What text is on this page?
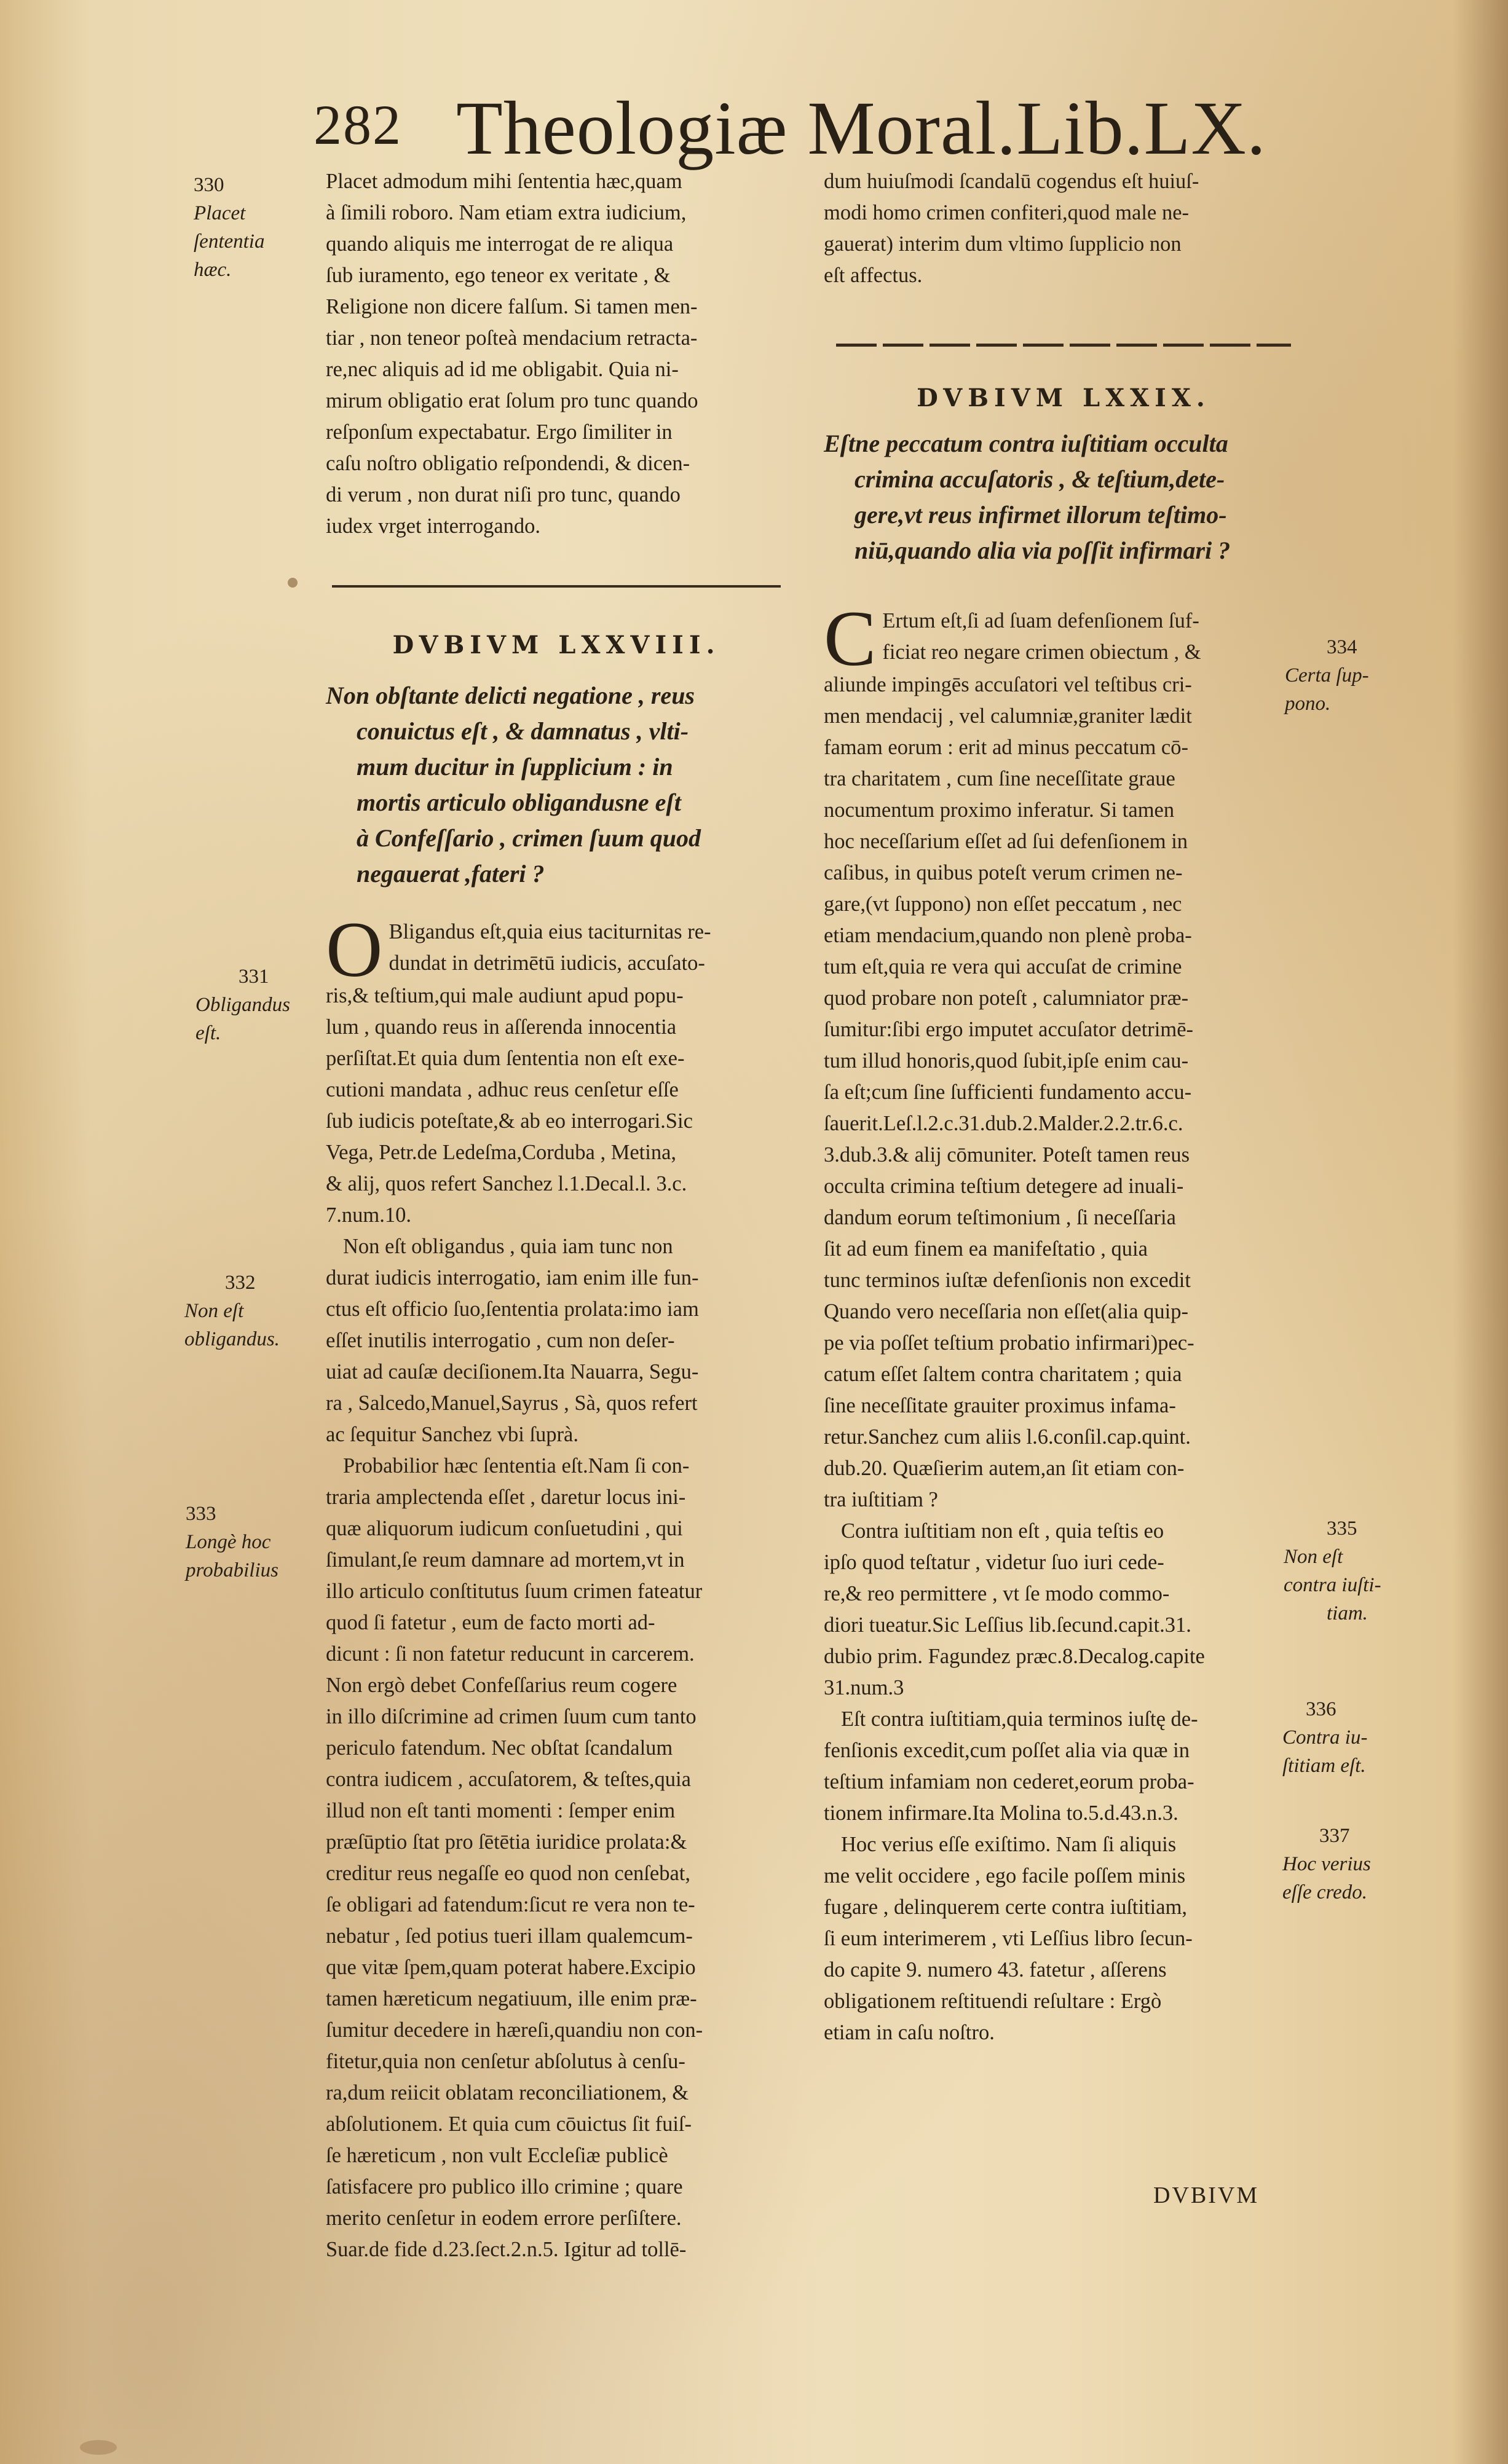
282 Theologiæ Moral.Lib.LX.
Placet admodum mihi ſententia hæc,quam
à ſimili roboro. Nam etiam extra iudicium,
quando aliquis me interrogat de re aliqua
ſub iuramento, ego teneor ex veritate , &
Religione non dicere falſum. Si tamen men-
tiar , non teneor poſteà mendacium retracta-
re,nec aliquis ad id me obligabit. Quia ni-
mirum obligatio erat ſolum pro tunc quando
reſponſum expectabatur. Ergo ſimiliter in
caſu noſtro obligatio reſpondendi, & dicen-
di verum , non durat niſi pro tunc, quando
iudex vrget interrogando.
DVBIVM LXXVIII.
Non obſtante delicti negatione , reus
conuictus eſt , & damnatus , vlti-
mum ducitur in ſupplicium : in
mortis articulo obligandusne eſt
à Confeſſario , crimen ſuum quod
negauerat ,fateri ?
O Bligandus eſt,quia eius taciturnitas re-
dundat in detrimētū iudicis, accuſato-
ris,& teſtium,qui male audiunt apud popu-
lum , quando reus in aſſerenda innocentia
perſiſtat.Et quia dum ſententia non eſt exe-
cutioni mandata , adhuc reus cenſetur eſſe
ſub iudicis poteſtate,& ab eo interrogari.Sic
Vega, Petr.de Ledeſma,Corduba , Metina,
& alij, quos refert Sanchez l.1.Decal.l. 3.c.
7.num.10.
Non eſt obligandus , quia iam tunc non
durat iudicis interrogatio, iam enim ille fun-
ctus eſt officio ſuo,ſententia prolata:imo iam
eſſet inutilis interrogatio , cum non deſer-
uiat ad cauſæ deciſionem.Ita Nauarra, Segu-
ra , Salcedo,Manuel,Sayrus , Sà, quos refert
ac ſequitur Sanchez vbi ſuprà.
Probabilior hæc ſententia eſt.Nam ſi con-
traria amplectenda eſſet , daretur locus ini-
quæ aliquorum iudicum conſuetudini , qui
ſimulant,ſe reum damnare ad mortem,vt in
illo articulo conſtitutus ſuum crimen fateatur
quod ſi fatetur , eum de facto morti ad-
dicunt : ſi non fatetur reducunt in carcerem.
Non ergò debet Confeſſarius reum cogere
in illo diſcrimine ad crimen ſuum cum tanto
periculo fatendum. Nec obſtat ſcandalum
contra iudicem , accuſatorem, & teſtes,quia
illud non eſt tanti momenti : ſemper enim
præſūptio ſtat pro ſētētia iuridice prolata:&
creditur reus negaſſe eo quod non cenſebat,
ſe obligari ad fatendum:ſicut re vera non te-
nebatur , ſed potius tueri illam qualemcum-
que vitæ ſpem,quam poterat habere.Excipio
tamen hæreticum negatiuum, ille enim præ-
ſumitur decedere in hæreſi,quandiu non con-
fitetur,quia non cenſetur abſolutus à cenſu-
ra,dum reiicit oblatam reconciliationem, &
abſolutionem. Et quia cum cōuictus ſit fuiſ-
ſe hæreticum , non vult Eccleſiæ publicè
ſatisfacere pro publico illo crimine ; quare
merito cenſetur in eodem errore perſiſtere.
Suar.de fide d.23.ſect.2.n.5. Igitur ad tollē-
dum huiuſmodi ſcandalū cogendus eſt huiuſ-
modi homo crimen confiteri,quod male ne-
gauerat) interim dum vltimo ſupplicio non
eſt affectus.
DVBIVM LXXIX.
Eſtne peccatum contra iuſtitiam occulta
crimina accuſatoris , & teſtium,dete-
gere,vt reus infirmet illorum teſtimo-
niū,quando alia via poſſit infirmari ?
C Ertum eſt,ſi ad ſuam defenſionem ſuf-
ficiat reo negare crimen obiectum , &
aliunde impingēs accuſatori vel teſtibus cri-
men mendacij , vel calumniæ,graniter lædit
famam eorum : erit ad minus peccatum cō-
tra charitatem , cum ſine neceſſitate graue
nocumentum proximo inferatur. Si tamen
hoc neceſſarium eſſet ad ſui defenſionem in
caſibus, in quibus poteſt verum crimen ne-
gare,(vt ſuppono) non eſſet peccatum , nec
etiam mendacium,quando non plenè proba-
tum eſt,quia re vera qui accuſat de crimine
quod probare non poteſt , calumniator præ-
ſumitur:ſibi ergo imputet accuſator detrimē-
tum illud honoris,quod ſubit,ipſe enim cau-
ſa eſt;cum ſine ſufficienti fundamento accu-
ſauerit.Leſ.l.2.c.31.dub.2.Malder.2.2.tr.6.c.
3.dub.3.& alij cōmuniter. Poteſt tamen reus
occulta crimina teſtium detegere ad inuali-
dandum eorum teſtimonium , ſi neceſſaria
ſit ad eum finem ea manifeſtatio , quia
tunc terminos iuſtæ defenſionis non excedit
Quando vero neceſſaria non eſſet(alia quip-
pe via poſſet teſtium probatio infirmari)pec-
catum eſſet ſaltem contra charitatem ; quia
ſine neceſſitate grauiter proximus infama-
retur.Sanchez cum aliis l.6.conſil.cap.quint.
dub.20. Quæſierim autem,an ſit etiam con-
tra iuſtitiam ?
Contra iuſtitiam non eſt , quia teſtis eo
ipſo quod teſtatur , videtur ſuo iuri cede-
re,& reo permittere , vt ſe modo commo-
diori tueatur.Sic Leſſius lib.ſecund.capit.31.
dubio prim. Fagundez præc.8.Decalog.capite
31.num.3
Eſt contra iuſtitiam,quia terminos iuſtę de-
fenſionis excedit,cum poſſet alia via quæ in
teſtium infamiam non cederet,eorum proba-
tionem infirmare.Ita Molina to.5.d.43.n.3.
Hoc verius eſſe exiſtimo. Nam ſi aliquis
me velit occidere , ego facile poſſem minis
fugare , delinquerem certe contra iuſtitiam,
ſi eum interimerem , vti Leſſius libro ſecun-
do capite 9. numero 43. fatetur , aſſerens
obligationem reſtituendi reſultare : Ergò
etiam in caſu noſtro.
DVBIVM
330
Placet
ſententia
hæc.
331
Obligandus
eſt.
332
Non eſt
obligandus.
333
Longè hoc
probabilius
334
Certa ſup-
pono.
335
Non eſt
contra iuſti-
tiam.
336
Contra iu-
ſtitiam eſt.
337
Hoc verius
eſſe credo.
